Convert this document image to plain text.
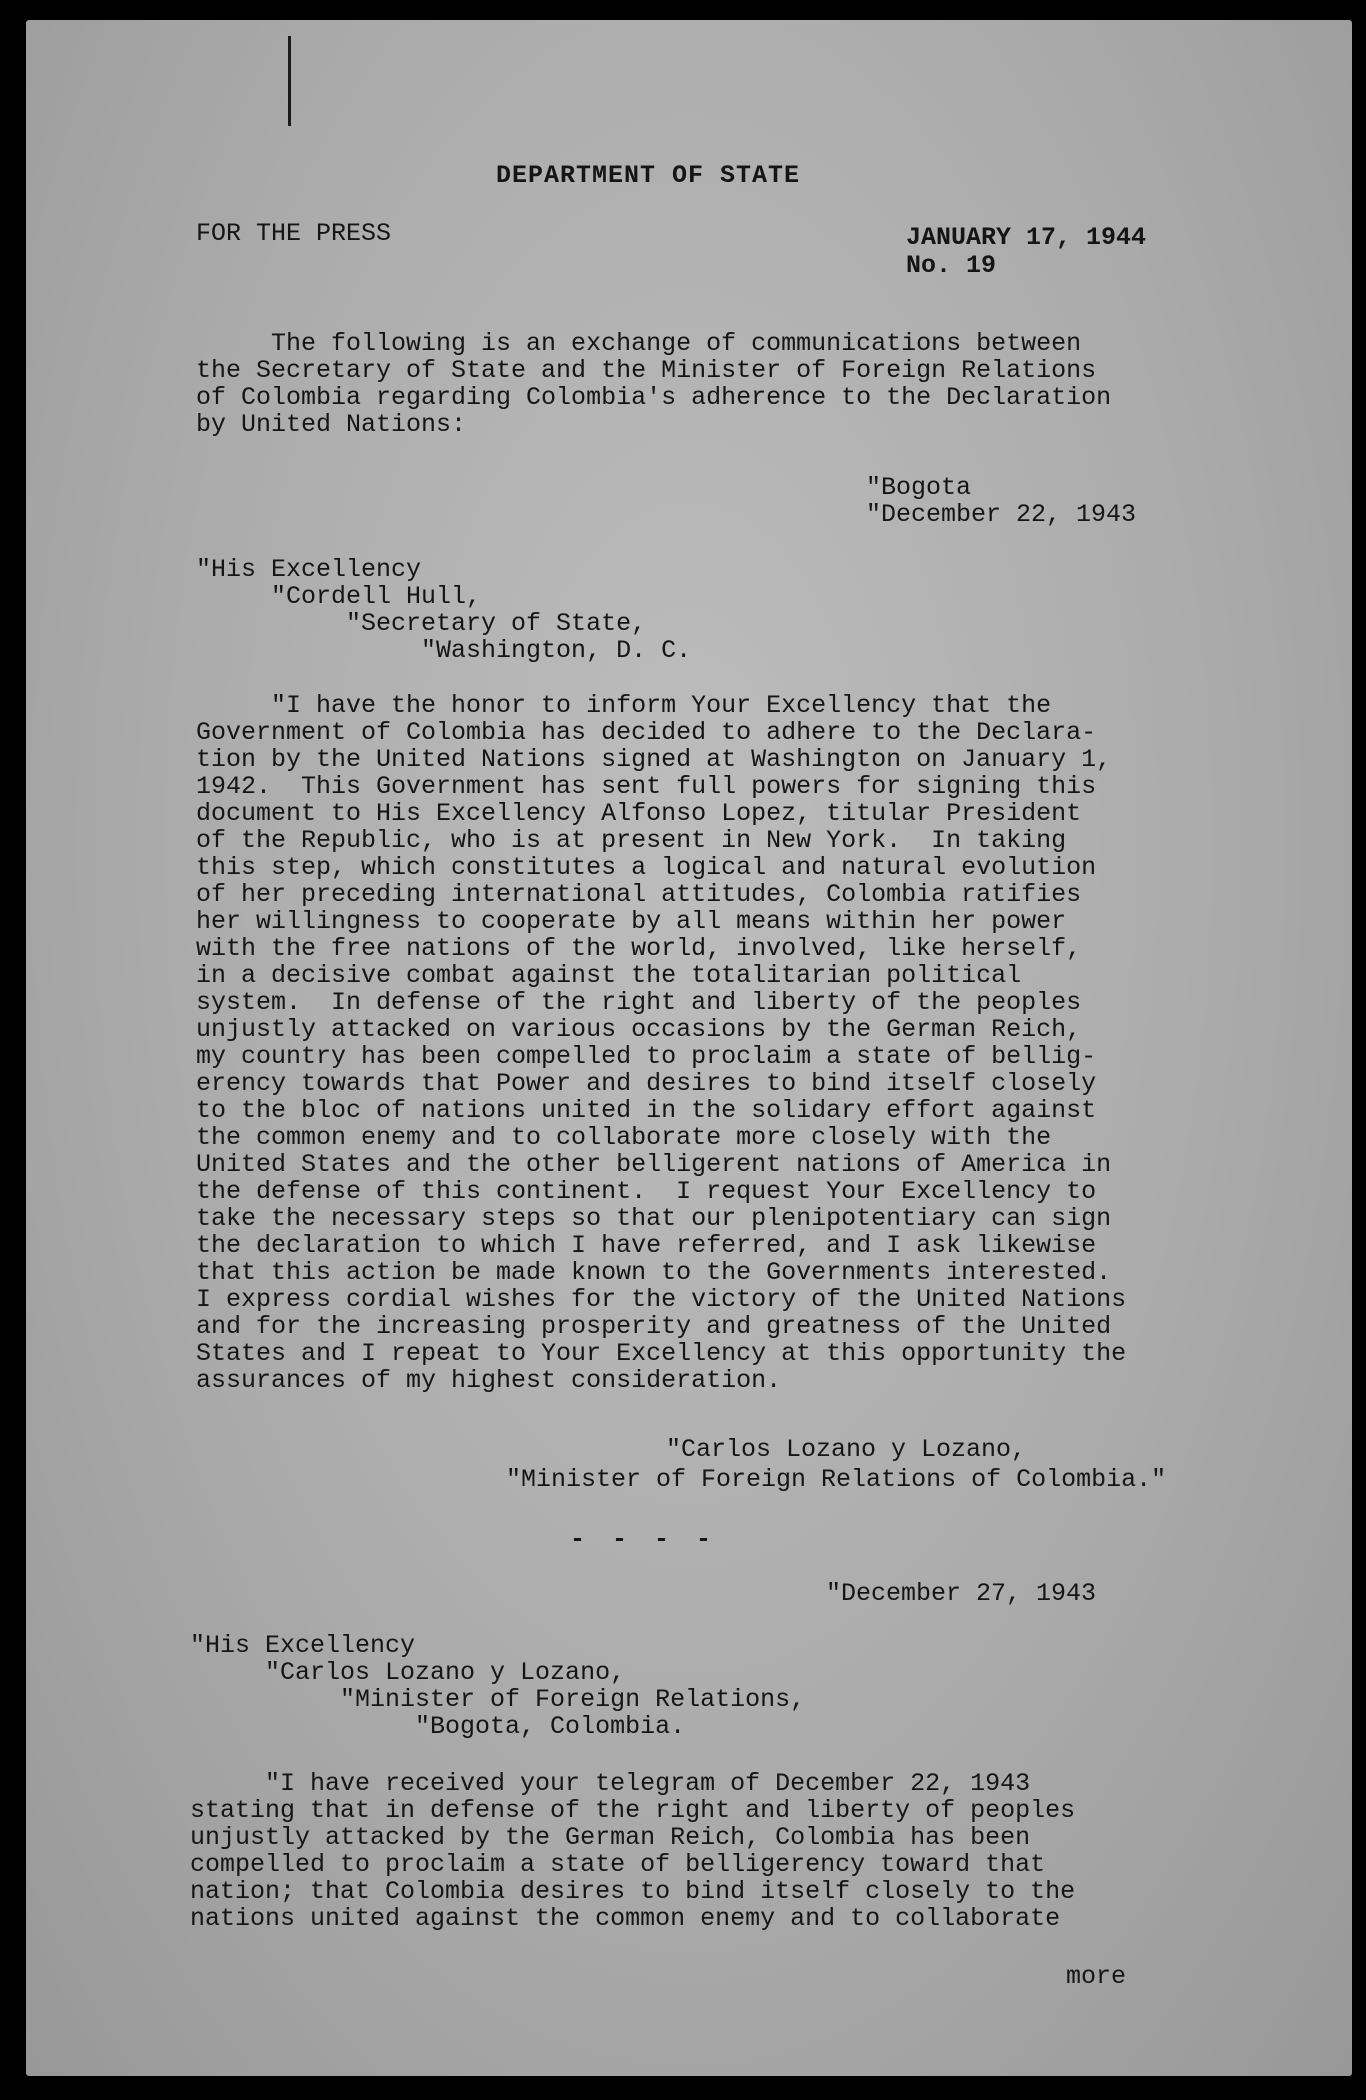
DEPARTMENT OF STATE
FOR THE PRESS	JANUARY 17, 1944
No. 19
The following is an exchange of communications between
the Secretary of State and the Minister of Foreign Relations
of Colombia regarding Colombia's adherence to the Declaration
by United Nations:
"Bogota
"December 22, 1943
"His Excellency
"Cordell Hull,
"Secretary of State,
"Washington, D. C.
"I have the honor to inform Your Excellency that the
Government of Colombia has decided to adhere to the Declara-
tion by the United Nations signed at Washington on January 1,
1942.  This Government has sent full powers for signing this
document to His Excellency Alfonso Lopez, titular President
of the Republic, who is at present in New York.  In taking
this step, which constitutes a logical and natural evolution
of her preceding international attitudes, Colombia ratifies
her willingness to cooperate by all means within her power
with the free nations of the world, involved, like herself,
in a decisive combat against the totalitarian political
system.  In defense of the right and liberty of the peoples
unjustly attacked on various occasions by the German Reich,
my country has been compelled to proclaim a state of bellig-
erency towards that Power and desires to bind itself closely
to the bloc of nations united in the solidary effort against
the common enemy and to collaborate more closely with the
United States and the other belligerent nations of America in
the defense of this continent.  I request Your Excellency to
take the necessary steps so that our plenipotentiary can sign
the declaration to which I have referred, and I ask likewise
that this action be made known to the Governments interested.
I express cordial wishes for the victory of the United Nations
and for the increasing prosperity and greatness of the United
States and I repeat to Your Excellency at this opportunity the
assurances of my highest consideration.
"Carlos Lozano y Lozano,
"Minister of Foreign Relations of Colombia."
- - - -
"December 27, 1943
"His Excellency
"Carlos Lozano y Lozano,
"Minister of Foreign Relations,
"Bogota, Colombia.
"I have received your telegram of December 22, 1943
stating that in defense of the right and liberty of peoples
unjustly attacked by the German Reich, Colombia has been
compelled to proclaim a state of belligerency toward that
nation; that Colombia desires to bind itself closely to the
nations united against the common enemy and to collaborate
more
